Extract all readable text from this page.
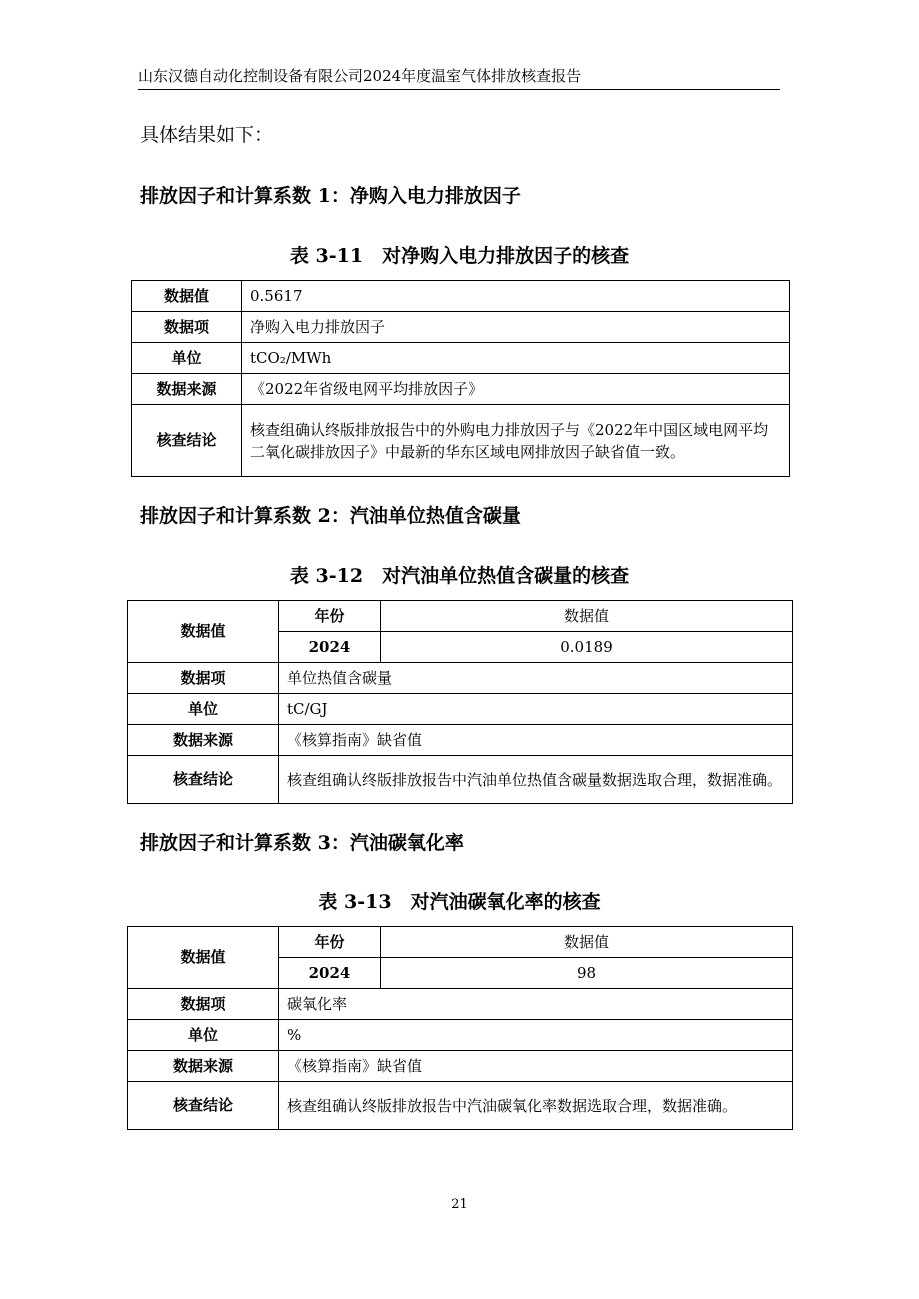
山东汉德自动化控制设备有限公司2024年度温室气体排放核查报告
具体结果如下：
排放因子和计算系数 1：净购入电力排放因子
表 3-11　对净购入电力排放因子的核查
数据值	0.5617
数据项	净购入电力排放因子
单位	tCO₂/MWh
数据来源	《2022年省级电网平均排放因子》
核查结论	核查组确认终版排放报告中的外购电力排放因子与《2022年中国区域电网平均二氧化碳排放因子》中最新的华东区域电网排放因子缺省值一致。
排放因子和计算系数 2：汽油单位热值含碳量
表 3-12　对汽油单位热值含碳量的核查
数据值	年份	数据值
	2024	0.0189
数据项	单位热值含碳量	
单位	tC/GJ	
数据来源	《核算指南》缺省值	
核查结论	核查组确认终版排放报告中汽油单位热值含碳量数据选取合理，数据准确。	
排放因子和计算系数 3：汽油碳氧化率
表 3-13　对汽油碳氧化率的核查
数据值	年份	数据值
	2024	98
数据项	碳氧化率	
单位	%	
数据来源	《核算指南》缺省值	
核查结论	核查组确认终版排放报告中汽油碳氧化率数据选取合理，数据准确。	
21
